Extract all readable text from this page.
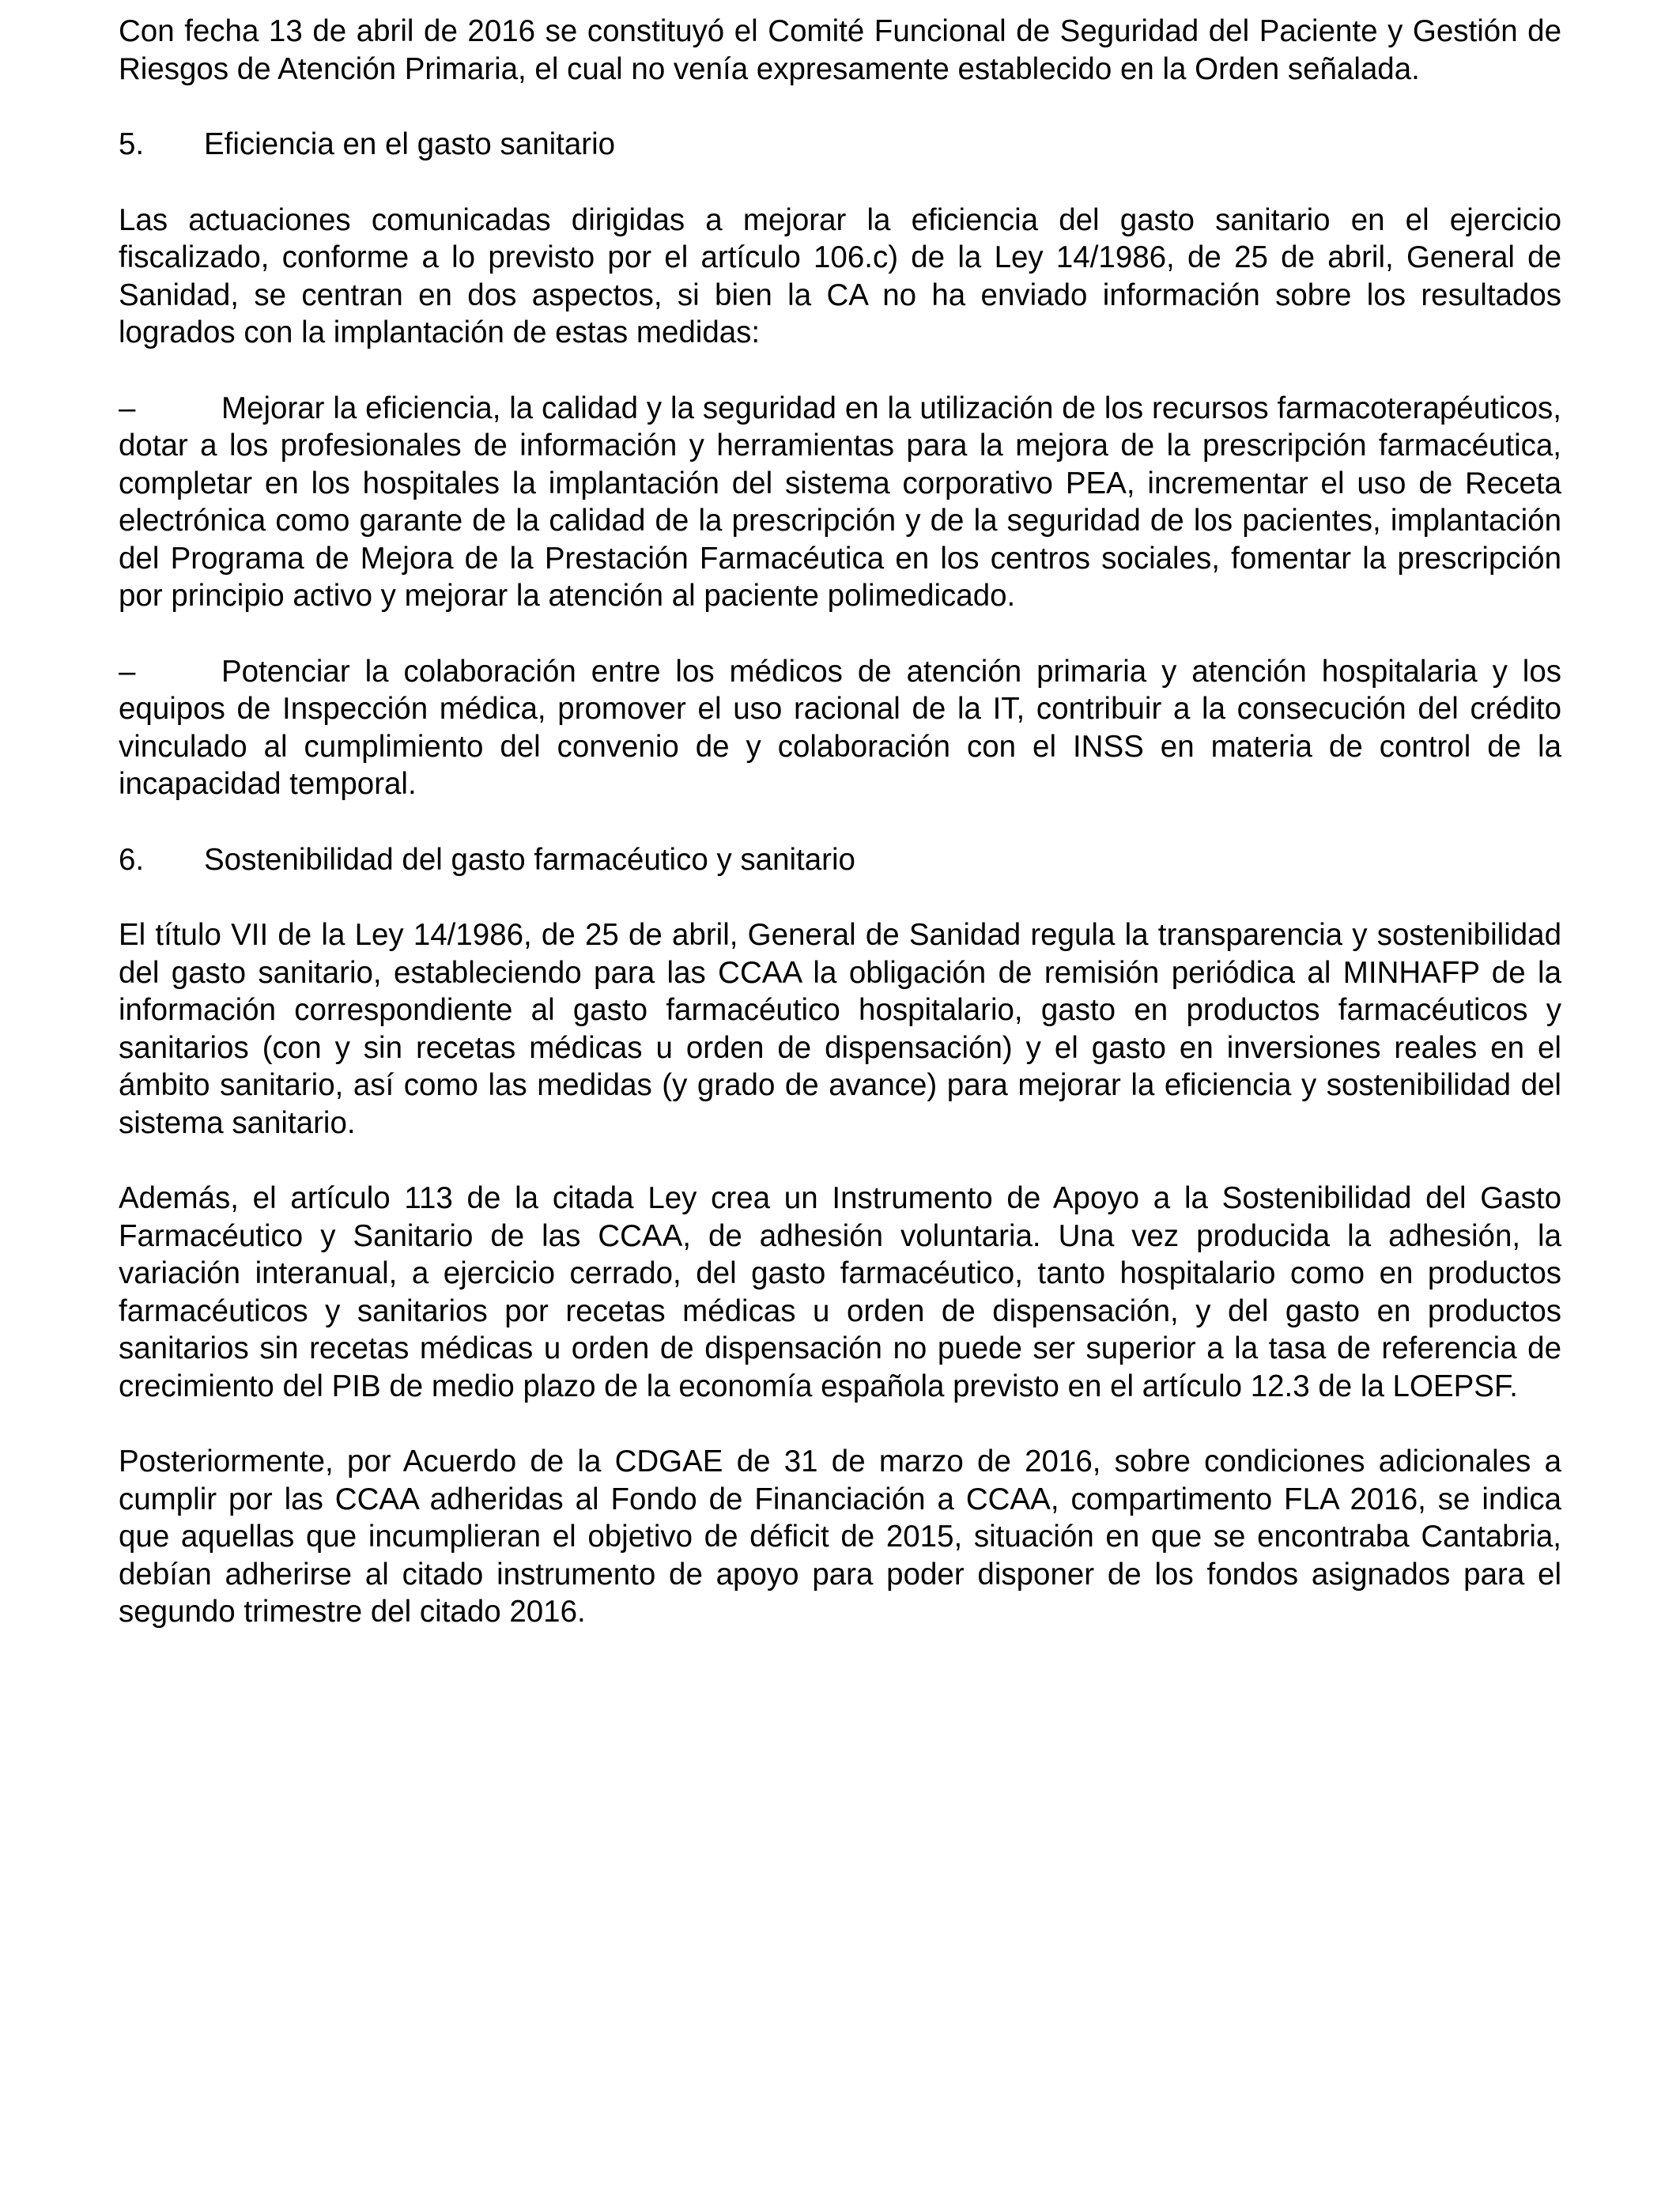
Con fecha 13 de abril de 2016 se constituyó el Comité Funcional de Seguridad del Paciente y Gestión de Riesgos de Atención Primaria, el cual no venía expresamente establecido en la Orden señalada.

5.	Eficiencia en el gasto sanitario

Las actuaciones comunicadas dirigidas a mejorar la eficiencia del gasto sanitario en el ejercicio fiscalizado, conforme a lo previsto por el artículo 106.c) de la Ley 14/1986, de 25 de abril, General de Sanidad, se centran en dos aspectos, si bien la CA no ha enviado información sobre los resultados logrados con la implantación de estas medidas:

–	Mejorar la eficiencia, la calidad y la seguridad en la utilización de los recursos farmacoterapéuticos, dotar a los profesionales de información y herramientas para la mejora de la prescripción farmacéutica, completar en los hospitales la implantación del sistema corporativo PEA, incrementar el uso de Receta electrónica como garante de la calidad de la prescripción y de la seguridad de los pacientes, implantación del Programa de Mejora de la Prestación Farmacéutica en los centros sociales, fomentar la prescripción por principio activo y mejorar la atención al paciente polimedicado.

–	Potenciar la colaboración entre los médicos de atención primaria y atención hospitalaria y los equipos de Inspección médica, promover el uso racional de la IT, contribuir a la consecución del crédito vinculado al cumplimiento del convenio de y colaboración con el INSS en materia de control de la incapacidad temporal.

6.	Sostenibilidad del gasto farmacéutico y sanitario

El título VII de la Ley 14/1986, de 25 de abril, General de Sanidad regula la transparencia y sostenibilidad del gasto sanitario, estableciendo para las CCAA la obligación de remisión periódica al MINHAFP de la información correspondiente al gasto farmacéutico hospitalario, gasto en productos farmacéuticos y sanitarios (con y sin recetas médicas u orden de dispensación) y el gasto en inversiones reales en el ámbito sanitario, así como las medidas (y grado de avance) para mejorar la eficiencia y sostenibilidad del sistema sanitario.

Además, el artículo 113 de la citada Ley crea un Instrumento de Apoyo a la Sostenibilidad del Gasto Farmacéutico y Sanitario de las CCAA, de adhesión voluntaria. Una vez producida la adhesión, la variación interanual, a ejercicio cerrado, del gasto farmacéutico, tanto hospitalario como en productos farmacéuticos y sanitarios por recetas médicas u orden de dispensación, y del gasto en productos sanitarios sin recetas médicas u orden de dispensación no puede ser superior a la tasa de referencia de crecimiento del PIB de medio plazo de la economía española previsto en el artículo 12.3 de la LOEPSF.

Posteriormente, por Acuerdo de la CDGAE de 31 de marzo de 2016, sobre condiciones adicionales a cumplir por las CCAA adheridas al Fondo de Financiación a CCAA, compartimento FLA 2016, se indica que aquellas que incumplieran el objetivo de déficit de 2015, situación en que se encontraba Cantabria, debían adherirse al citado instrumento de apoyo para poder disponer de los fondos asignados para el segundo trimestre del citado 2016.
